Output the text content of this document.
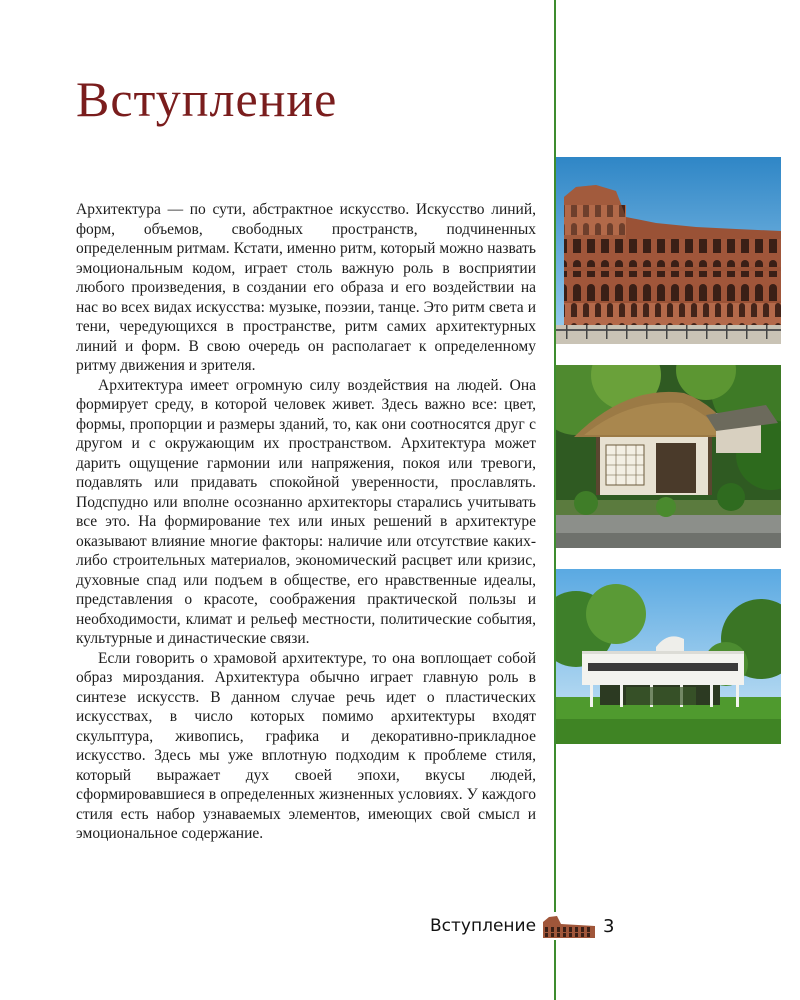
Вступление

Архитектура — по сути, абстрактное искусство. Искусство линий, форм, объемов, свободных пространств, подчиненных определенным ритмам. Кстати, именно ритм, который можно назвать эмоциональным кодом, играет столь важную роль в восприятии любого произведения, в создании его образа и его воздействии на нас во всех видах искусства: музыке, поэзии, танце. Это ритм света и тени, чередующихся в пространстве, ритм самих архитектурных линий и форм. В свою очередь он располагает к определенному ритму движения и зрителя.

Архитектура имеет огромную силу воздействия на людей. Она формирует среду, в которой человек живет. Здесь важно все: цвет, формы, пропорции и размеры зданий, то, как они соотносятся друг с другом и с окружающим их пространством. Архитектура может дарить ощущение гармонии или напряжения, покоя или тревоги, подавлять или придавать спокойной уверенности, прославлять. Подспудно или вполне осознанно архитекторы старались учитывать все это. На формирование тех или иных решений в архитектуре оказывают влияние многие факторы: наличие или отсутствие каких-либо строительных материалов, экономический расцвет или кризис, духовные спад или подъем в обществе, его нравственные идеалы, представления о красоте, соображения практической пользы и необходимости, климат и рельеф местности, политические события, культурные и династические связи.

Если говорить о храмовой архитектуре, то она воплощает собой образ мироздания. Архитектура обычно играет главную роль в синтезе искусств. В данном случае речь идет о пластических искусствах, в число которых помимо архитектуры входят скульптура, живопись, графика и декоративно-прикладное искусство. Здесь мы уже вплотную подходим к проблеме стиля, который выражает дух своей эпохи, вкусы людей, сформировавшиеся в определенных жизненных условиях. У каждого стиля есть набор узнаваемых элементов, имеющих свой смысл и эмоциональное содержание.

Вступление	3
